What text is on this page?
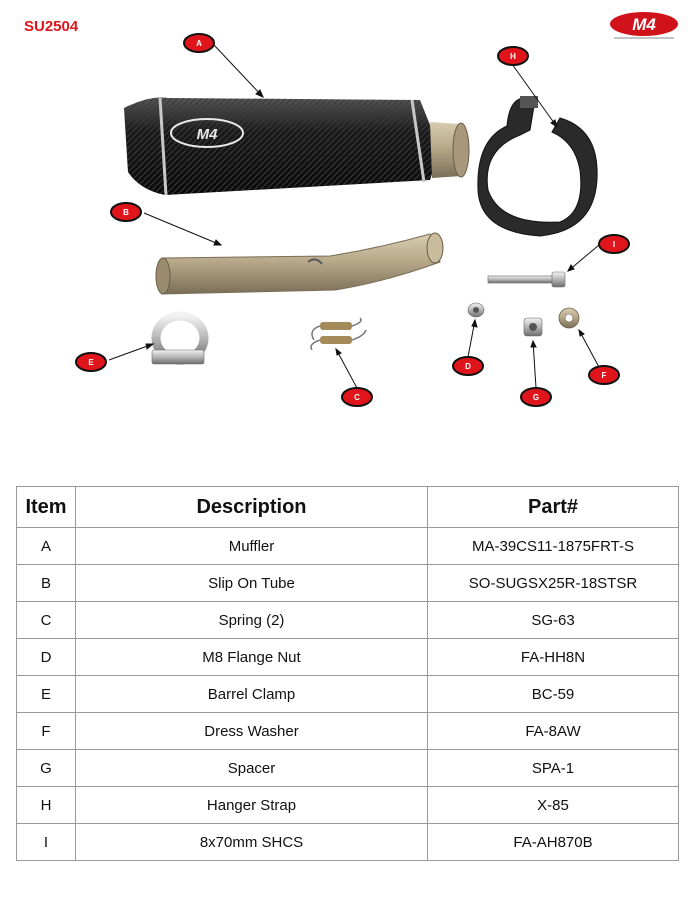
SU2504	M4
M4
A
B
C
D
E
F
G
H
I
Item	Description	Part#
A	Muffler	MA-39CS11-1875FRT-S
B	Slip On Tube	SO-SUGSX25R-18STSR
C	Spring (2)	SG-63
D	M8 Flange Nut	FA-HH8N
E	Barrel Clamp	BC-59
F	Dress Washer	FA-8AW
G	Spacer	SPA-1
H	Hanger Strap	X-85
I	8x70mm SHCS	FA-AH870B
